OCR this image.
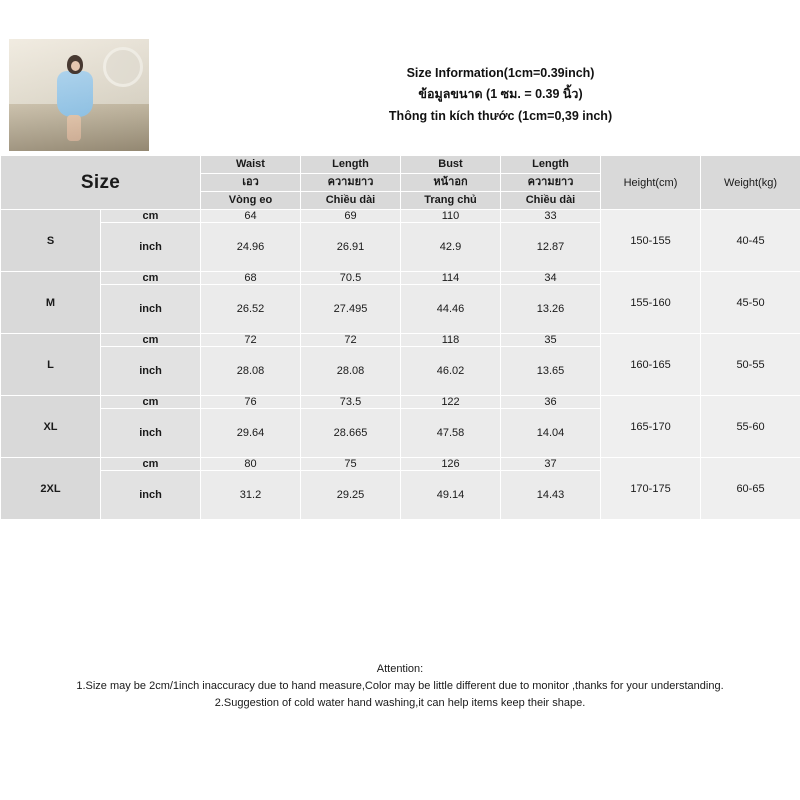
		Size Information(1cm=0.39inch)
ข้อมูลขนาด (1 ซม. = 0.39 นิ้ว)
Thông tin kích thước (1cm=0,39 inch)					

Size		Waist	Length	Bust	Length	Height(cm)	Weight(kg)
		เอว	ความยาว	หน้าอก	ความยาว		
		Vòng eo	Chiều dài	Trang chủ	Chiều dài		
S	cm	64	69	110	33	150-155	40-45
	inch	24.96	26.91	42.9	12.87		
M	cm	68	70.5	114	34	155-160	45-50
	inch	26.52	27.495	44.46	13.26		
L	cm	72	72	118	35	160-165	50-55
	inch	28.08	28.08	46.02	13.65		
XL	cm	76	73.5	122	36	165-170	55-60
	inch	29.64	28.665	47.58	14.04		
2XL	cm	80	75	126	37	170-175	60-65
	inch	31.2	29.25	49.14	14.43		
Attention:
1.Size may be 2cm/1inch inaccuracy due to hand measure,Color may be little different due to monitor ,thanks for your understanding.
2.Suggestion of cold water hand washing,it can help items keep their shape.
